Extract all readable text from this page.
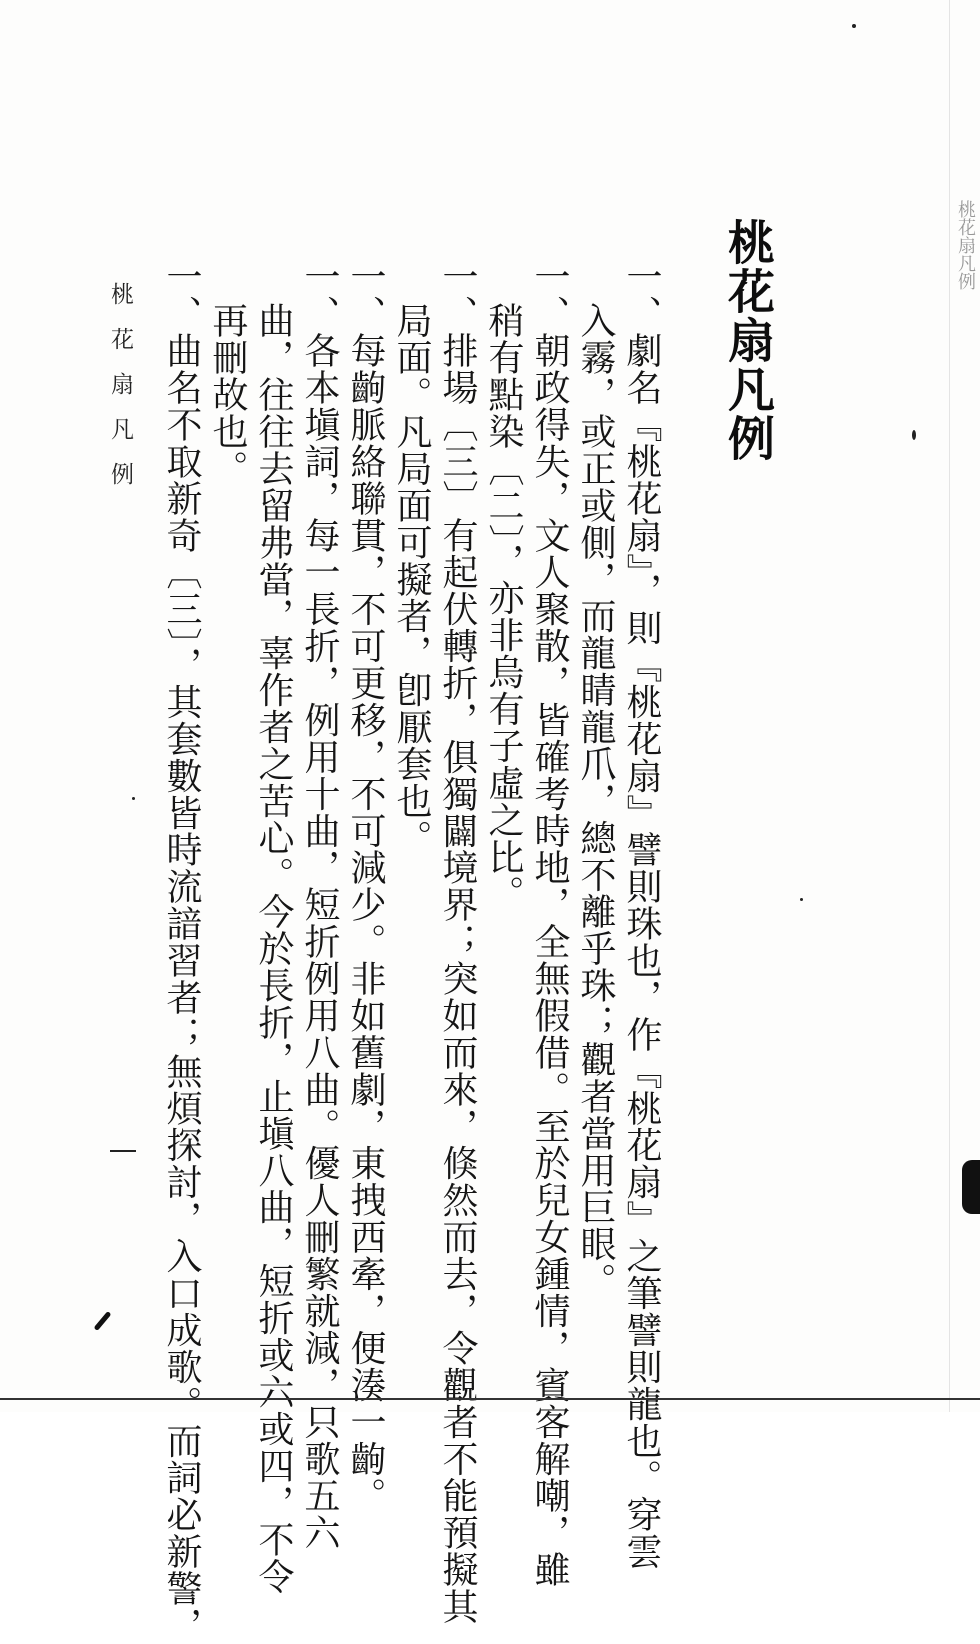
桃花扇凡例
一、劇名『桃花扇』，則『桃花扇』譬則珠也，作『桃花扇』之筆譬則龍也。穿雲
入霧，或正或側，而龍睛龍爪，總不離乎珠；觀者當用巨眼。
一、朝政得失，文人聚散，皆確考時地，全無假借。至於兒女鍾情，賓客解嘲，雖
稍有點染〔二〕，亦非烏有子虛之比。
一、排場〔三〕有起伏轉折，俱獨闢境界；突如而來，倏然而去，令觀者不能預擬其
局面。凡局面可擬者，卽厭套也。
一、每齣脈絡聯貫，不可更移，不可減少。非如舊劇，東拽西牽，便湊一齣。
一、各本塡詞，每一長折，例用十曲，短折例用八曲。優人刪繁就減，只歌五六
曲，往往去留弗當，辜作者之苦心。今於長折，止塡八曲，短折或六或四，不令
再刪故也。
一、曲名不取新奇〔三〕，其套數皆時流諳習者；無煩探討，入口成歌。而詞必新警，
桃花扇凡例
桃花扇凡例
